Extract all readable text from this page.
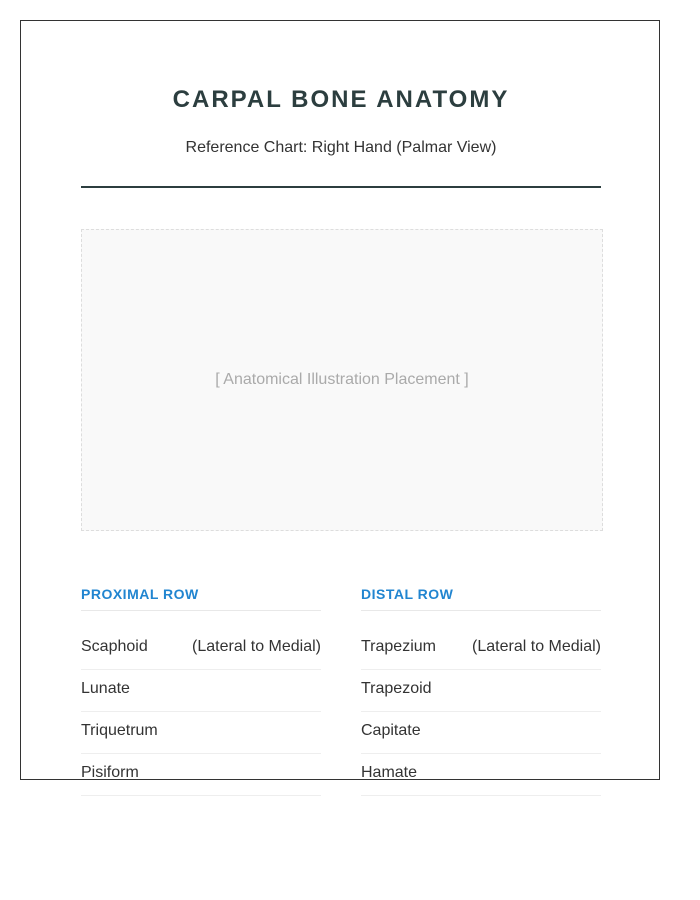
CARPAL BONE ANATOMY
Reference Chart: Right Hand (Palmar View)
[ Anatomical Illustration Placement ]
PROXIMAL ROW
Scaphoid	(Lateral to Medial)
Lunate
Triquetrum
Pisiform
DISTAL ROW
Trapezium (Lateral to Medial)
Trapezoid
Capitate
Hamate
